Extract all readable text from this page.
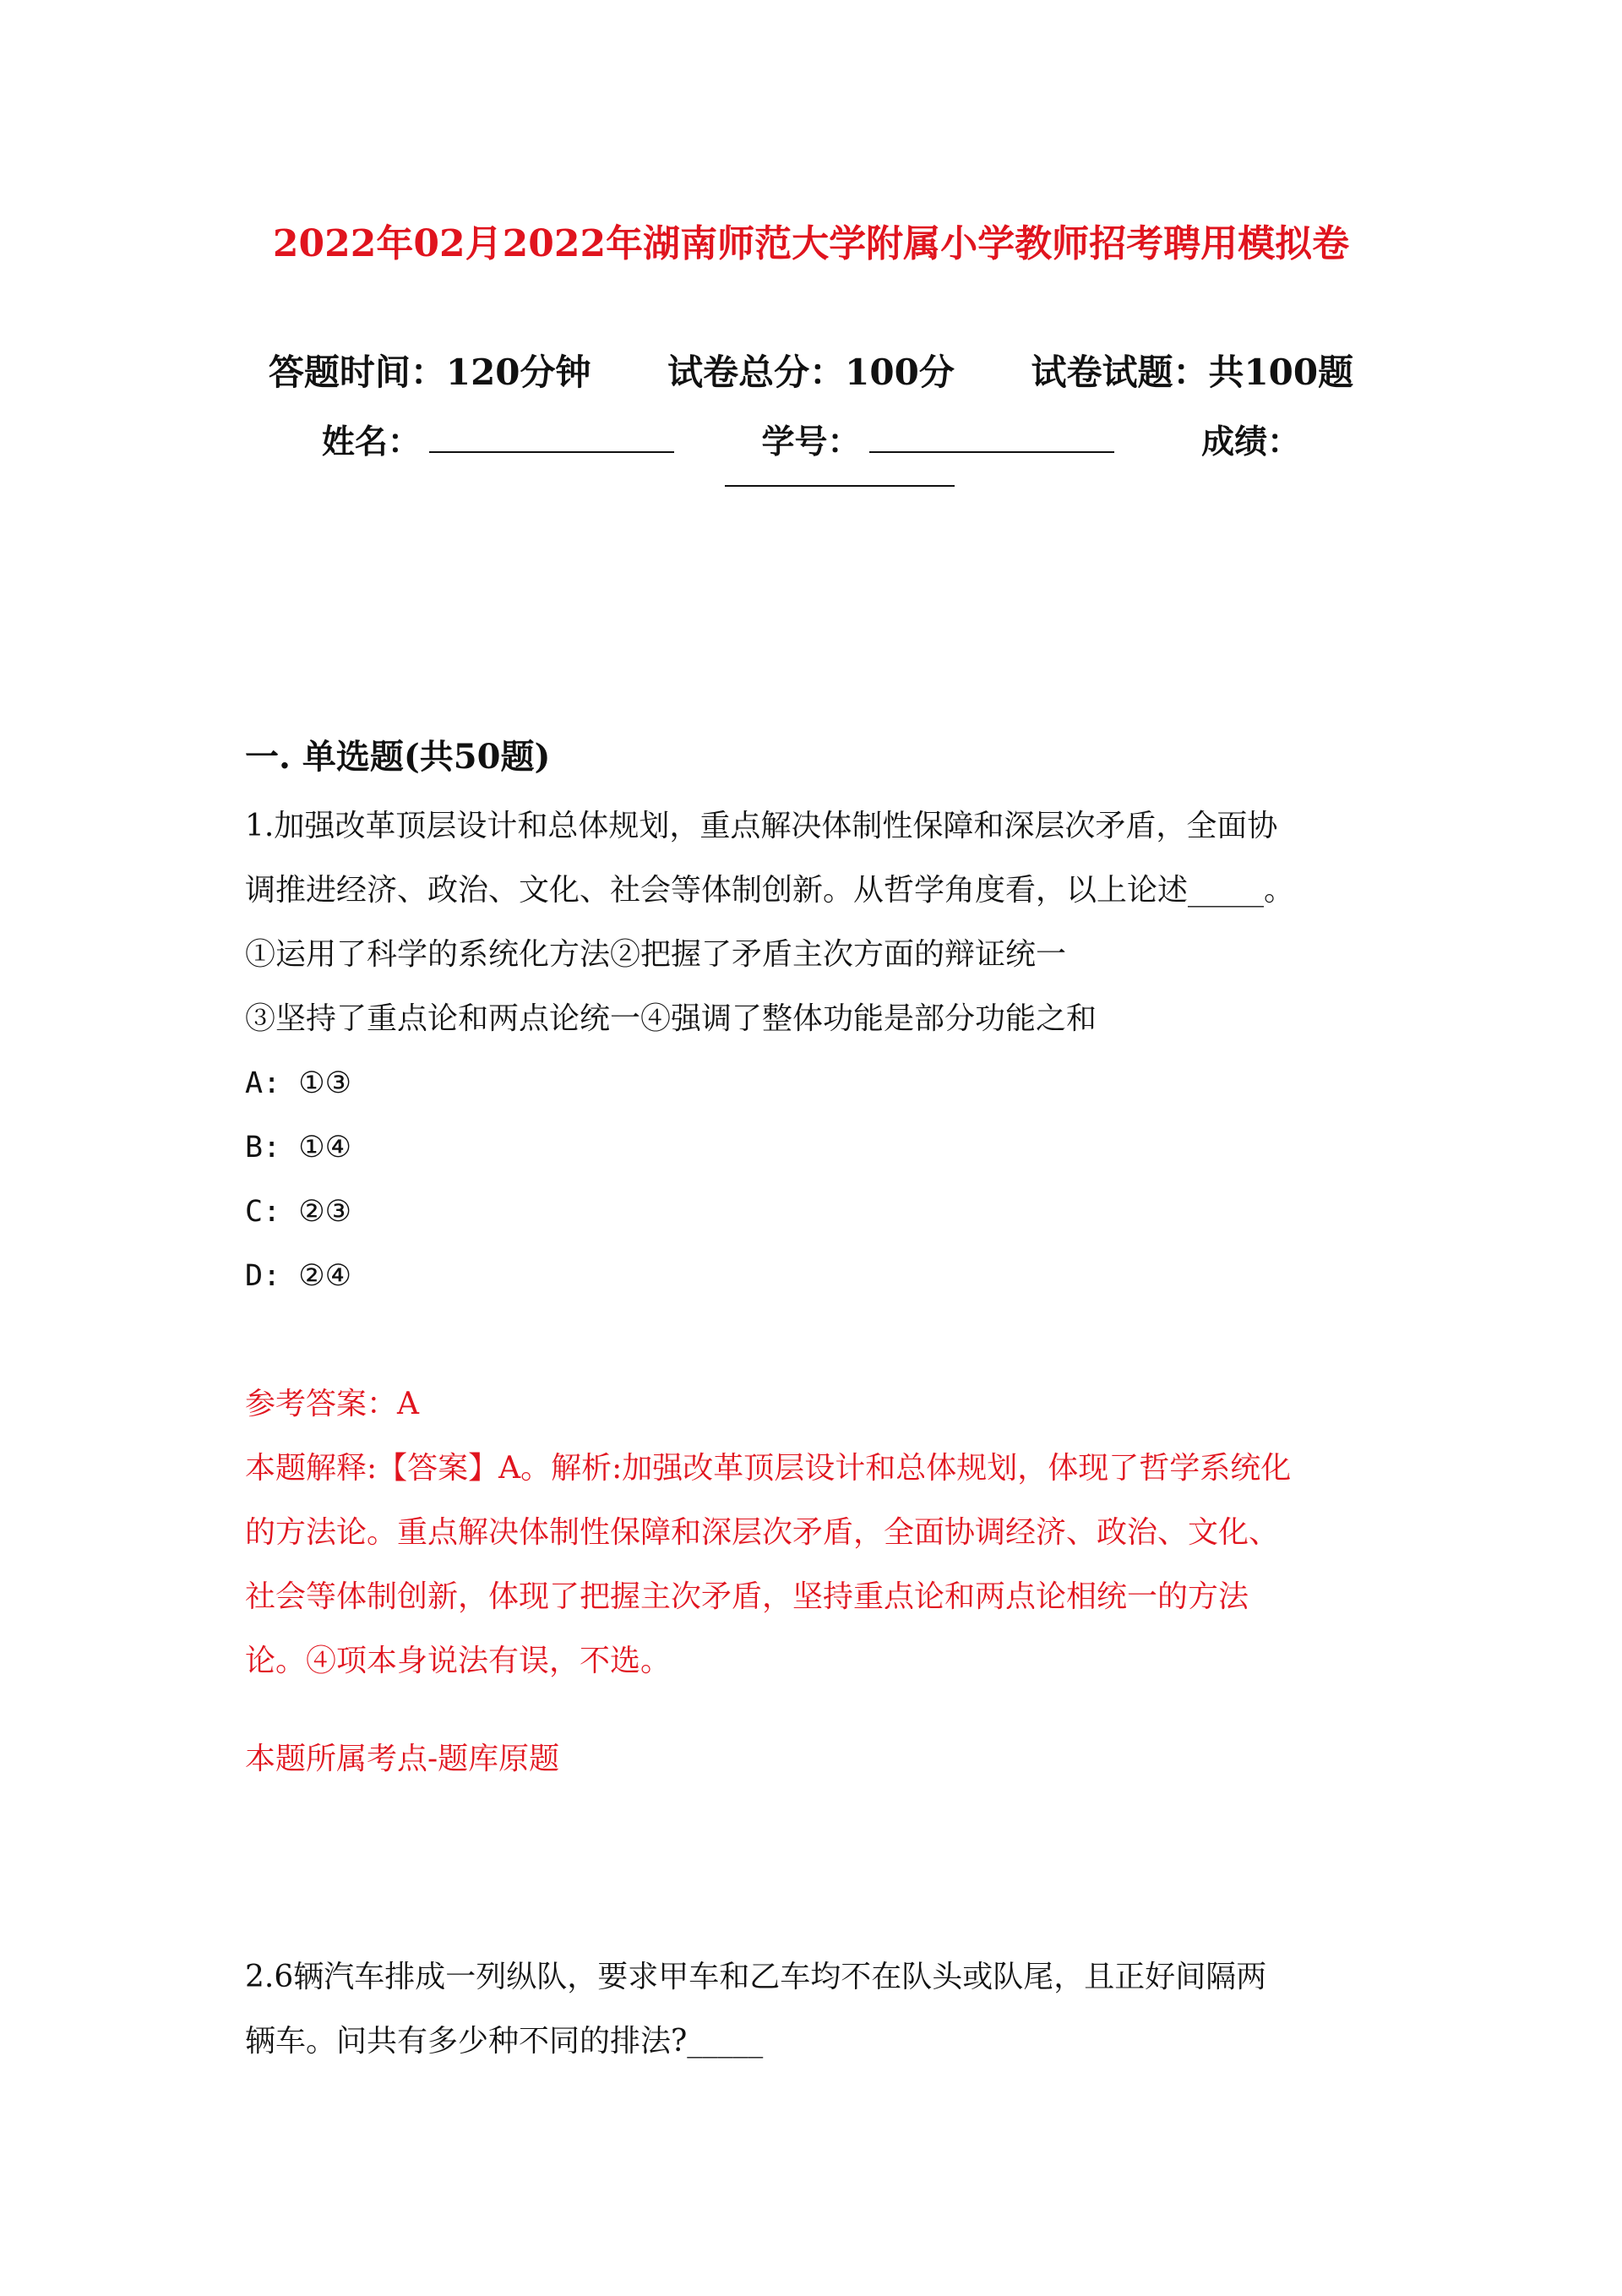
2022年02月2022年湖南师范大学附属小学教师招考聘用模拟卷
答题时间：120分钟 试卷总分：100分 试卷试题：共100题
姓名：	学号：	成绩：
一. 单选题(共50题)

1.加强改革顶层设计和总体规划，重点解决体制性保障和深层次矛盾，全面协

调推进经济、政治、文化、社会等体制创新。从哲学角度看，以上论述_____。

①运用了科学的系统化方法②把握了矛盾主次方面的辩证统一

③坚持了重点论和两点论统一④强调了整体功能是部分功能之和

A: ①③

B: ①④

C: ②③

D: ②④

参考答案：A

本题解释:【答案】A。解析:加强改革顶层设计和总体规划，体现了哲学系统化

的方法论。重点解决体制性保障和深层次矛盾，全面协调经济、政治、文化、

社会等体制创新，体现了把握主次矛盾，坚持重点论和两点论相统一的方法

论。④项本身说法有误，不选。

本题所属考点-题库原题

2.6辆汽车排成一列纵队，要求甲车和乙车均不在队头或队尾，且正好间隔两

辆车。问共有多少种不同的排法?_____
